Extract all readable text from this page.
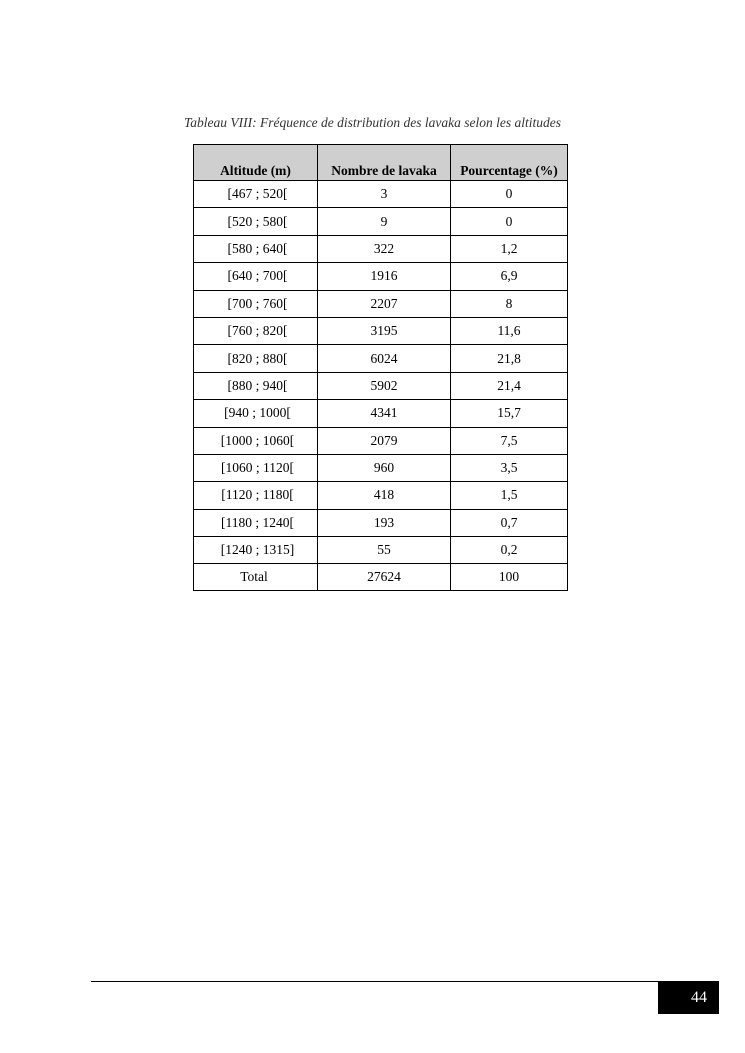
Tableau VIII: Fréquence de distribution des lavaka selon les altitudes

Altitude (m)	Nombre de lavaka	Pourcentage (%)
[467 ; 520[	3	0
[520 ; 580[	9	0
[580 ; 640[	322	1,2
[640 ; 700[	1916	6,9
[700 ; 760[	2207	8
[760 ; 820[	3195	11,6
[820 ; 880[	6024	21,8
[880 ; 940[	5902	21,4
[940 ; 1000[	4341	15,7
[1000 ; 1060[	2079	7,5
[1060 ; 1120[	960	3,5
[1120 ; 1180[	418	1,5
[1180 ; 1240[	193	0,7
[1240 ; 1315]	55	0,2
Total	27624	100
44
